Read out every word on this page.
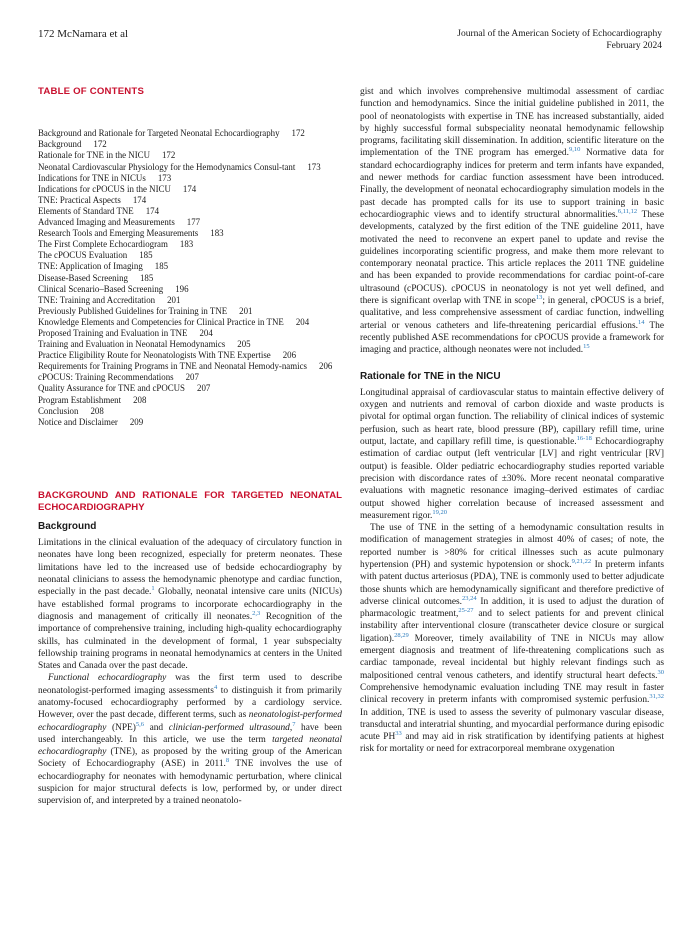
172 McNamara et al	Journal of the American Society of Echocardiography
February 2024
TABLE OF CONTENTS
Background and Rationale for Targeted Neonatal Echocardiography 172
Background 172
Rationale for TNE in the NICU 172
Neonatal Cardiovascular Physiology for the Hemodynamics Consul-tant 173
Indications for TNE in NICUs 173
Indications for cPOCUS in the NICU 174
TNE: Practical Aspects 174
Elements of Standard TNE 174
Advanced Imaging and Measurements 177
Research Tools and Emerging Measurements 183
The First Complete Echocardiogram 183
The cPOCUS Evaluation 185
TNE: Application of Imaging 185
Disease-Based Screening 185
Clinical Scenario–Based Screening 196
TNE: Training and Accreditation 201
Previously Published Guidelines for Training in TNE 201
Knowledge Elements and Competencies for Clinical Practice in TNE 204
Proposed Training and Evaluation in TNE 204
Training and Evaluation in Neonatal Hemodynamics 205
Practice Eligibility Route for Neonatologists With TNE Expertise 206
Requirements for Training Programs in TNE and Neonatal Hemody-namics 206
cPOCUS: Training Recommendations 207
Quality Assurance for TNE and cPOCUS 207
Program Establishment 208
Conclusion 208
Notice and Disclaimer 209
BACKGROUND AND RATIONALE FOR TARGETED NEONATAL ECHOCARDIOGRAPHY
Background

Limitations in the clinical evaluation of the adequacy of circulatory function in neonates have long been recognized, especially for preterm neonates. These limitations have led to the increased use of bedside echocardiography by neonatal clinicians to assess the hemodynamic phenotype and cardiac function, especially in the past decade.$^1$ Globally, neonatal intensive care units (NICUs) have established formal programs to incorporate echocardiography in the diagnosis and management of critically ill neonates.$^{2,3}$ Recognition of the importance of comprehensive training, including high-quality echocardiography skills, has culminated in the development of formal, 1 year subspecialty fellowship training programs in neonatal hemodynamics at centers in the United States and Canada over the past decade.

Functional echocardiography was the first term used to describe neonatologist-performed imaging assessments$^4$ to distinguish it from primarily anatomy-focused echocardiography performed by a cardiology service. However, over the past decade, different terms, such as neonatologist-performed echocardiography (NPE)$^{5,6}$ and clinician-performed ultrasound,$^7$ have been used interchangeably. In this article, we use the term targeted neonatal echocardiography (TNE), as proposed by the writing group of the American Society of Echocardiography (ASE) in 2011.$^8$ TNE involves the use of echocardiography for neonates with hemodynamic perturbation, where clinical suspicion for major structural defects is low, performed by, or under direct supervision of, and interpreted by a trained neonatolo-

gist and which involves comprehensive multimodal assessment of cardiac function and hemodynamics. Since the initial guideline published in 2011, the pool of neonatologists with expertise in TNE has increased substantially, aided by highly successful formal subspeciality neonatal hemodynamic fellowship programs, facilitating skill dissemination. In addition, scientific literature on the implementation of the TNE program has emerged.$^{9,10}$ Normative data for standard echocardiography indices for preterm and term infants have expanded, and newer methods for cardiac function assessment have been introduced. Finally, the development of neonatal echocardiography simulation models in the past decade has prompted calls for its use to support training in basic echocardiographic views and to identify structural abnormalities.$^{6,11,12}$ These developments, catalyzed by the first edition of the TNE guideline 2011, have motivated the need to reconvene an expert panel to update and revise the guidelines incorporating scientific progress, and make them more relevant to contemporary neonatal practice. This article replaces the 2011 TNE guideline and has been expanded to provide recommendations for cardiac point-of-care ultrasound (cPOCUS). cPOCUS in neonatology is not yet well defined, and there is significant overlap with TNE in scope$^{13}$; in general, cPOCUS is a brief, qualitative, and less comprehensive assessment of cardiac function, indwelling arterial or venous catheters and life-threatening pericardial effusions.$^{14}$ The recently published ASE recommendations for cPOCUS provide a framework for imaging and practice, although neonates were not included.$^{15}$

Rationale for TNE in the NICU

Longitudinal appraisal of cardiovascular status to maintain effective delivery of oxygen and nutrients and removal of carbon dioxide and waste products is pivotal for optimal organ function. The reliability of clinical indices of systemic perfusion, such as heart rate, blood pressure (BP), capillary refill time, urine output, lactate, and capillary refill time, is questionable.$^{16-18}$ Echocardiography estimation of cardiac output (left ventricular [LV] and right ventricular [RV] output) is feasible. Older pediatric echocardiography studies reported variable precision with discordance rates of ±30%. More recent neonatal comparative evaluations with magnetic resonance imaging–derived estimates of cardiac output showed higher correlation because of increased assessment and measurement rigor.$^{19,20}$

The use of TNE in the setting of a hemodynamic consultation results in modification of management strategies in almost 40% of cases; of note, the reported number is >80% for critical illnesses such as acute pulmonary hypertension (PH) and systemic hypotension or shock.$^{9,21,22}$ In preterm infants with patent ductus arteriosus (PDA), TNE is commonly used to better adjudicate those shunts which are hemodynamically significant and therefore predictive of adverse clinical outcomes.$^{23,24}$ In addition, it is used to adjust the duration of pharmacologic treatment,$^{25-27}$ and to select patients for and prevent clinical instability after interventional closure (transcatheter device closure or surgical ligation).$^{28,29}$ Moreover, timely availability of TNE in NICUs may allow emergent diagnosis and treatment of life-threatening complications such as cardiac tamponade, reveal incidental but highly relevant findings such as malpositioned central venous catheters, and identify structural heart defects.$^{30}$ Comprehensive hemodynamic evaluation including TNE may result in faster clinical recovery in preterm infants with compromised systemic perfusion.$^{31,32}$ In addition, TNE is used to assess the severity of pulmonary vascular disease, transductal and interatrial shunting, and myocardial performance during episodic acute PH$^{33}$ and may aid in risk stratification by identifying patients at highest risk for mortality or need for extracorporeal membrane oxygenation
